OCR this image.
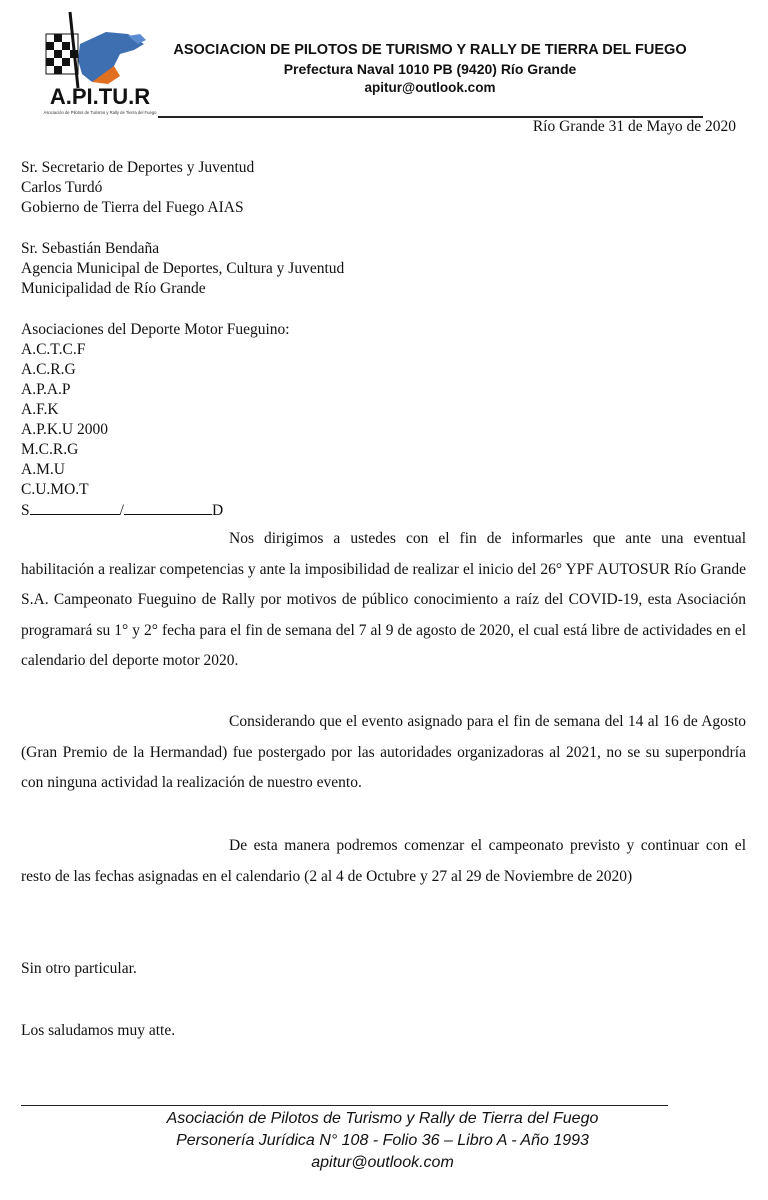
A.PI.TU.R
Asociación de Pilotos de Turismo y Rally de Tierra del Fuego
ASOCIACION DE PILOTOS DE TURISMO Y RALLY DE TIERRA DEL FUEGO
Prefectura Naval 1010 PB (9420) Río Grande
apitur@outlook.com
Río Grande 31 de Mayo de 2020
Sr. Secretario de Deportes y Juventud
Carlos Turdó
Gobierno de Tierra del Fuego AIAS
Sr. Sebastián Bendaña
Agencia Municipal de Deportes, Cultura y Juventud
Municipalidad de Río Grande
Asociaciones del Deporte Motor Fueguino:
A.C.T.C.F
A.C.R.G
A.P.A.P
A.F.K
A.P.K.U 2000
M.C.R.G
A.M.U
C.U.MO.T
S	/	D
Nos dirigimos a ustedes con el fin de informarles que ante una eventual habilitación a realizar competencias y ante la imposibilidad de realizar el inicio del 26° YPF AUTOSUR Río Grande S.A. Campeonato Fueguino de Rally por motivos de público conocimiento a raíz del COVID-19, esta Asociación programará su 1° y 2° fecha para el fin de semana del 7 al 9 de agosto de 2020, el cual está libre de actividades en el calendario del deporte motor 2020.
Considerando que el evento asignado para el fin de semana del 14 al 16 de Agosto (Gran Premio de la Hermandad) fue postergado por las autoridades organizadoras al 2021, no se su superpondría con ninguna actividad la realización de nuestro evento.
De esta manera podremos comenzar el campeonato previsto y continuar con el resto de las fechas asignadas en el calendario (2 al 4 de Octubre y 27 al 29 de Noviembre de 2020)
Sin otro particular.
Los saludamos muy atte.
Asociación de Pilotos de Turismo y Rally de Tierra del Fuego
Personería Jurídica N° 108 - Folio 36 – Libro A - Año 1993
apitur@outlook.com
